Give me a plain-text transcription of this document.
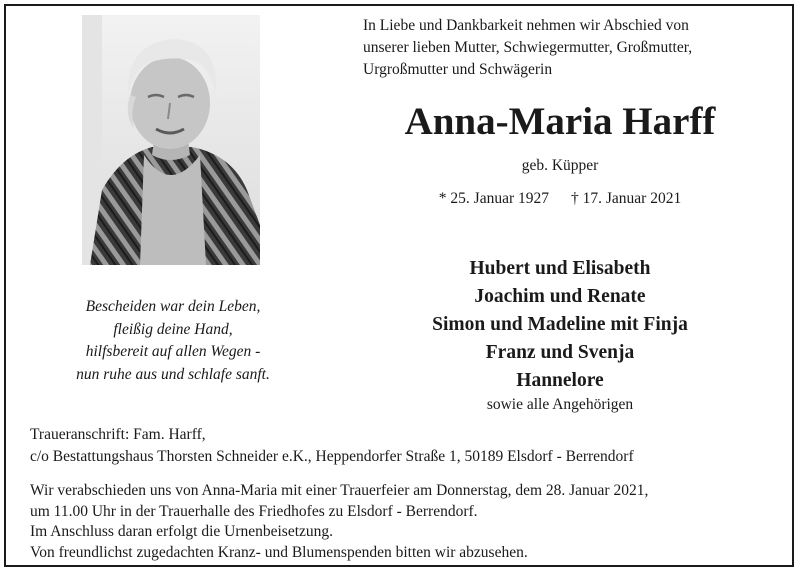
In Liebe und Dankbarkeit nehmen wir Abschied von
unserer lieben Mutter, Schwiegermutter, Großmutter,
Urgroßmutter und Schwägerin
Anna-Maria Harff
geb. Küpper
* 25. Januar 1927 † 17. Januar 2021
Bescheiden war dein Leben,
fleißig deine Hand,
hilfsbereit auf allen Wegen -
nun ruhe aus und schlafe sanft.
Hubert und Elisabeth
Joachim und Renate
Simon und Madeline mit Finja
Franz und Svenja
Hannelore
sowie alle Angehörigen
Traueranschrift: Fam. Harff,
c/o Bestattungshaus Thorsten Schneider e.K., Heppendorfer Straße 1, 50189 Elsdorf - Berrendorf
Wir verabschieden uns von Anna-Maria mit einer Trauerfeier am Donnerstag, dem 28. Januar 2021,
um 11.00 Uhr in der Trauerhalle des Friedhofes zu Elsdorf - Berrendorf.
Im Anschluss daran erfolgt die Urnenbeisetzung.
Von freundlichst zugedachten Kranz- und Blumenspenden bitten wir abzusehen.
